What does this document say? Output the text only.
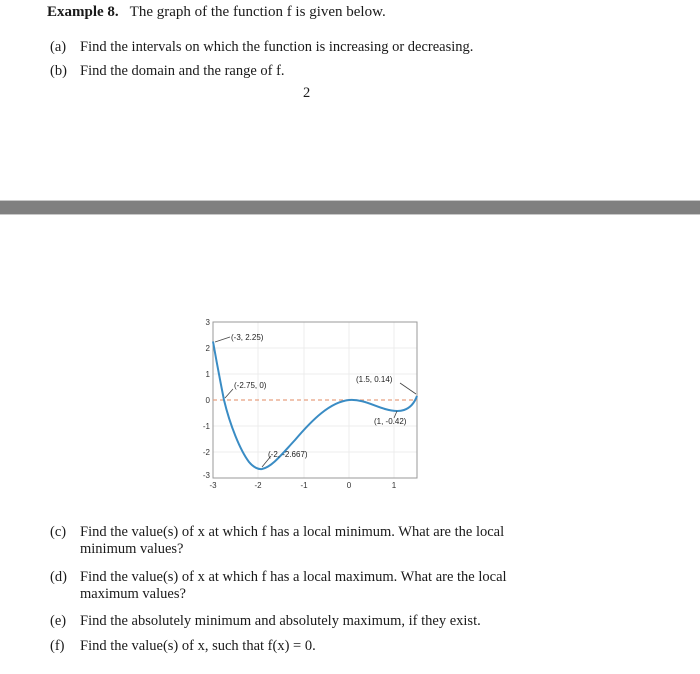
Example 8. The graph of the function f is given below.
(a) Find the intervals on which the function is increasing or decreasing.
(b) Find the domain and the range of f.
2
3
2
1
0
-1
-2
-3
-3	-2	-1	0	1
(-3, 2.25)
(-2.75, 0)
(-2, -2.667)
(1.5, 0.14)
(1, -0.42)
(c) Find the value(s) of x at which f has a local minimum. What are the local
minimum values?
(d) Find the value(s) of x at which f has a local maximum. What are the local
maximum values?
(e) Find the absolutely minimum and absolutely maximum, if they exist.
(f) Find the value(s) of x, such that f(x) = 0.
